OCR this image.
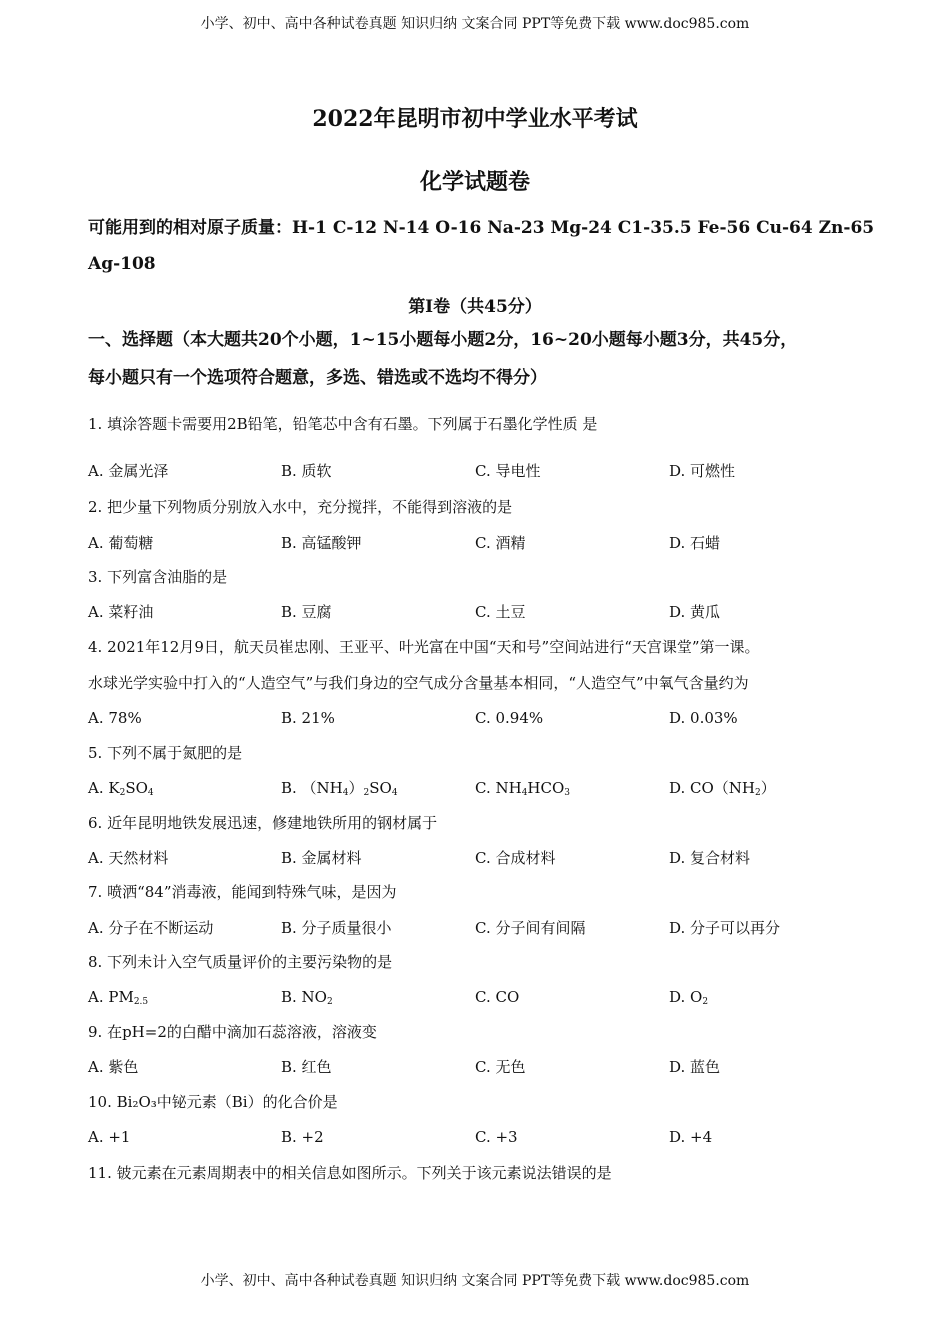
小学、初中、高中各种试卷真题 知识归纳 文案合同 PPT等免费下载 www.doc985.com
2022年昆明市初中学业水平考试
化学试题卷
可能用到的相对原子质量：H-1 C-12 N-14 O-16 Na-23 Mg-24 C1-35.5 Fe-56 Cu-64 Zn-65
Ag-108
第Ⅰ卷（共45分）
一、选择题（本大题共20个小题，1~15小题每小题2分，16~20小题每小题3分，共45分，
每小题只有一个选项符合题意，多选、错选或不选均不得分）
1. 填涂答题卡需要用2B铅笔，铅笔芯中含有石墨。下列属于石墨化学性质 是
A. 金属光泽	B. 质软	C. 导电性	D. 可燃性
2. 把少量下列物质分别放入水中，充分搅拌，不能得到溶液的是
A. 葡萄糖	B. 高锰酸钾	C. 酒精	D. 石蜡
3. 下列富含油脂的是
A. 菜籽油	B. 豆腐	C. 土豆	D. 黄瓜
4. 2021年12月9日，航天员崔忠刚、王亚平、叶光富在中国“天和号”空间站进行“天宫课堂”第一课。
水球光学实验中打入的“人造空气”与我们身边的空气成分含量基本相同，“人造空气”中氧气含量约为
A. 78%	B. 21%	C. 0.94%	D. 0.03%
5. 下列不属于氮肥的是
A. $K_2SO_4$	B. $(NH_4)_2SO_4$	C. $NH_4HCO_3$	D. $CO(NH_2)$
6. 近年昆明地铁发展迅速，修建地铁所用的钢材属于
A. 天然材料	B. 金属材料	C. 合成材料	D. 复合材料
7. 喷洒“84”消毒液，能闻到特殊气味，是因为
A. 分子在不断运动	B. 分子质量很小	C. 分子间有间隔	D. 分子可以再分
8. 下列未计入空气质量评价的主要污染物的是
A. $PM_{2.5}$	B. $NO_2$	C. CO	D. $O_2$
9. 在pH=2的白醋中滴加石蕊溶液，溶液变
A. 紫色	B. 红色	C. 无色	D. 蓝色
10. Bi₂O₃中铋元素（Bi）的化合价是
A. +1	B. +2	C. +3	D. +4
11. 铍元素在元素周期表中的相关信息如图所示。下列关于该元素说法错误的是
小学、初中、高中各种试卷真题 知识归纳 文案合同 PPT等免费下载 www.doc985.com
